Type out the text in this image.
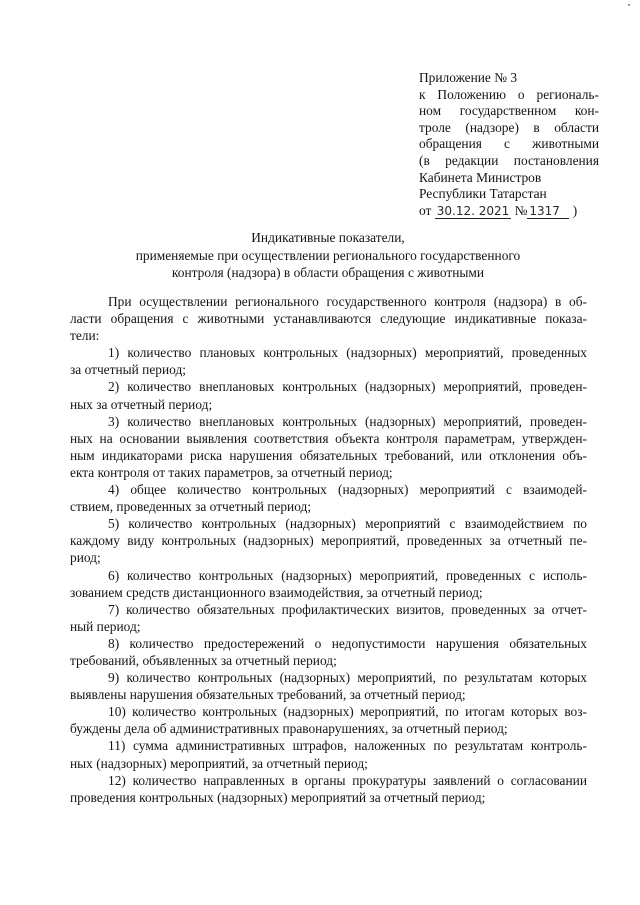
Приложение № 3
к Положению о региональ-
ном государственном кон-
троле (надзоре) в области
обращения с животными
(в редакции постановления
Кабинета Министров
Республики Татарстан
от 30.12. 2021 № 1317 )
Индикативные показатели,
применяемые при осуществлении регионального государственного
контроля (надзора) в области обращения с животными
При осуществлении регионального государственного контроля (надзора) в об-
ласти обращения с животными устанавливаются следующие индикативные показа-
тели:
1) количество плановых контрольных (надзорных) мероприятий, проведенных
за отчетный период;
2) количество внеплановых контрольных (надзорных) мероприятий, проведен-
ных за отчетный период;
3) количество внеплановых контрольных (надзорных) мероприятий, проведен-
ных на основании выявления соответствия объекта контроля параметрам, утвержден-
ным индикаторами риска нарушения обязательных требований, или отклонения объ-
екта контроля от таких параметров, за отчетный период;
4) общее количество контрольных (надзорных) мероприятий с взаимодей-
ствием, проведенных за отчетный период;
5) количество контрольных (надзорных) мероприятий с взаимодействием по
каждому виду контрольных (надзорных) мероприятий, проведенных за отчетный пе-
риод;
6) количество контрольных (надзорных) мероприятий, проведенных с исполь-
зованием средств дистанционного взаимодействия, за отчетный период;
7) количество обязательных профилактических визитов, проведенных за отчет-
ный период;
8) количество предостережений о недопустимости нарушения обязательных
требований, объявленных за отчетный период;
9) количество контрольных (надзорных) мероприятий, по результатам которых
выявлены нарушения обязательных требований, за отчетный период;
10) количество контрольных (надзорных) мероприятий, по итогам которых воз-
буждены дела об административных правонарушениях, за отчетный период;
11) сумма административных штрафов, наложенных по результатам контроль-
ных (надзорных) мероприятий, за отчетный период;
12) количество направленных в органы прокуратуры заявлений о согласовании
проведения контрольных (надзорных) мероприятий за отчетный период;
